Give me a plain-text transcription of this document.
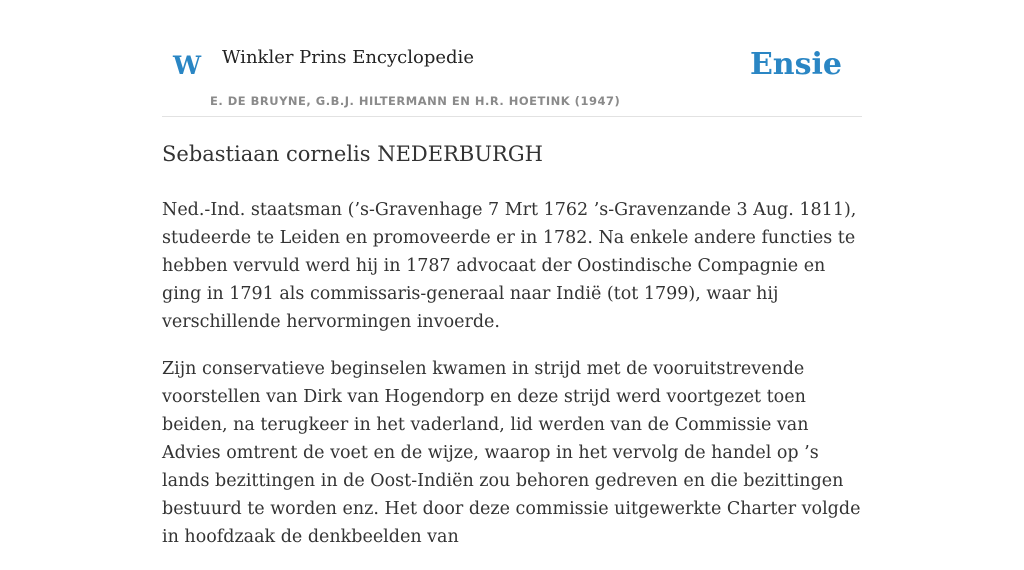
W Winkler Prins Encyclopedie
E. DE BRUYNE, G.B.J. HILTERMANN EN H.R. HOETINK (1947)
Ensie
Sebastiaan cornelis NEDERBURGH

Ned.-Ind. staatsman (’s-Gravenhage 7 Mrt 1762 ’s-Gravenzande 3 Aug. 1811), studeerde te Leiden en promoveerde er in 1782. Na enkele andere functies te hebben vervuld werd hij in 1787 advocaat der Oostindische Compagnie en ging in 1791 als commissaris-generaal naar Indië (tot 1799), waar hij verschillende hervormingen invoerde.

Zijn conservatieve beginselen kwamen in strijd met de vooruitstrevende voorstellen van Dirk van Hogendorp en deze strijd werd voortgezet toen beiden, na terugkeer in het vaderland, lid werden van de Commissie van Advies omtrent de voet en de wijze, waarop in het vervolg de handel op ’s lands bezittingen in de Oost-Indiën zou behoren gedreven en die bezittingen bestuurd te worden enz. Het door deze commissie uitgewerkte Charter volgde in hoofdzaak de denkbeelden van
